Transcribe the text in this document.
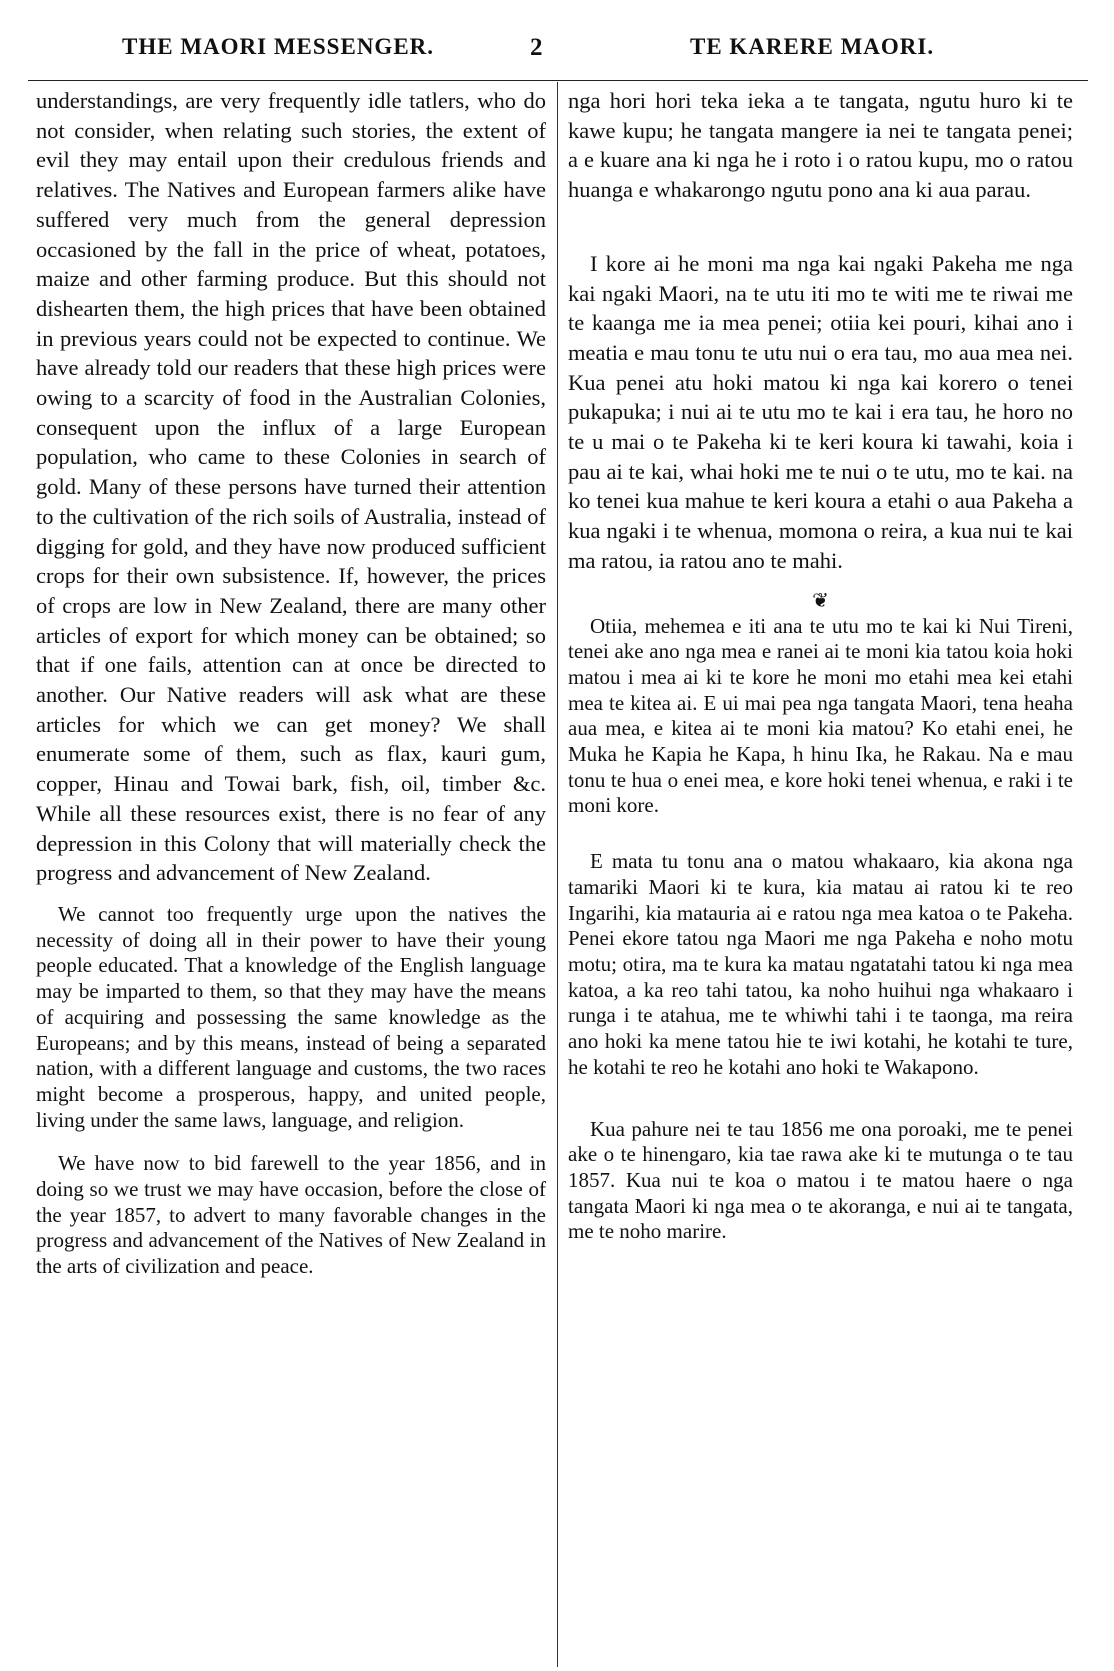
THE MAORI MESSENGER.	2	TE KARERE MAORI.

understandings, are very frequently idle tatlers, who do not consider, when relating such stories, the extent of evil they may entail upon their credulous friends and relatives. The Natives and European farmers alike have suffered very much from the general depression occasioned by the fall in the price of wheat, potatoes, maize and other farming produce. But this should not dishearten them, the high prices that have been obtained in previous years could not be expected to continue. We have already told our readers that these high prices were owing to a scarcity of food in the Australian Colonies, consequent upon the influx of a large European population, who came to these Colonies in search of gold. Many of these persons have turned their attention to the cultivation of the rich soils of Australia, instead of digging for gold, and they have now produced sufficient crops for their own subsistence. If, however, the prices of crops are low in New Zealand, there are many other articles of export for which money can be obtained; so that if one fails, attention can at once be directed to another. Our Native readers will ask what are these articles for which we can get money? We shall enumerate some of them, such as flax, kauri gum, copper, Hinau and Towai bark, fish, oil, timber &c. While all these resources exist, there is no fear of any depression in this Colony that will materially check the progress and advancement of New Zealand.

We cannot too frequently urge upon the natives the necessity of doing all in their power to have their young people educated. That a knowledge of the English language may be imparted to them, so that they may have the means of acquiring and possessing the same knowledge as the Europeans; and by this means, instead of being a separated nation, with a different language and customs, the two races might become a prosperous, happy, and united people, living under the same laws, language, and religion.

We have now to bid farewell to the year 1856, and in doing so we trust we may have occasion, before the close of the year 1857, to advert to many favorable changes in the progress and advancement of the Natives of New Zealand in the arts of civilization and peace.

nga hori hori teka ieka a te tangata, ngutu huro ki te kawe kupu; he tangata mangere ia nei te tangata penei; a e kuare ana ki nga he i roto i o ratou kupu, mo o ratou huanga e whakarongo ngutu pono ana ki aua parau.

I kore ai he moni ma nga kai ngaki Pakeha me nga kai ngaki Maori, na te utu iti mo te witi me te riwai me te kaanga me ia mea penei; otiia kei pouri, kihai ano i meatia e mau tonu te utu nui o era tau, mo aua mea nei. Kua penei atu hoki matou ki nga kai korero o tenei pukapuka; i nui ai te utu mo te kai i era tau, he horo no te u mai o te Pakeha ki te keri koura ki tawahi, koia i pau ai te kai, whai hoki me te nui o te utu, mo te kai. na ko tenei kua mahue te keri koura a etahi o aua Pakeha a kua ngaki i te whenua, momona o reira, a kua nui te kai ma ratou, ia ratou ano te mahi.

❦

Otiia, mehemea e iti ana te utu mo te kai ki Nui Tireni, tenei ake ano nga mea e ranei ai te moni kia tatou koia hoki matou i mea ai ki te kore he moni mo etahi mea kei etahi mea te kitea ai. E ui mai pea nga tangata Maori, tena heaha aua mea, e kitea ai te moni kia matou? Ko etahi enei, he Muka he Kapia he Kapa, h hinu Ika, he Rakau. Na e mau tonu te hua o enei mea, e kore hoki tenei whenua, e raki i te moni kore.

E mata tu tonu ana o matou whakaaro, kia akona nga tamariki Maori ki te kura, kia matau ai ratou ki te reo Ingarihi, kia matauria ai e ratou nga mea katoa o te Pakeha. Penei ekore tatou nga Maori me nga Pakeha e noho motu motu; otira, ma te kura ka matau ngatatahi tatou ki nga mea katoa, a ka reo tahi tatou, ka noho huihui nga whakaaro i runga i te atahua, me te whiwhi tahi i te taonga, ma reira ano hoki ka mene tatou hie te iwi kotahi, he kotahi te ture, he kotahi te reo he kotahi ano hoki te Wakapono.

Kua pahure nei te tau 1856 me ona poroaki, me te penei ake o te hinengaro, kia tae rawa ake ki te mutunga o te tau 1857. Kua nui te koa o matou i te matou haere o nga tangata Maori ki nga mea o te akoranga, e nui ai te tangata, me te noho marire.
